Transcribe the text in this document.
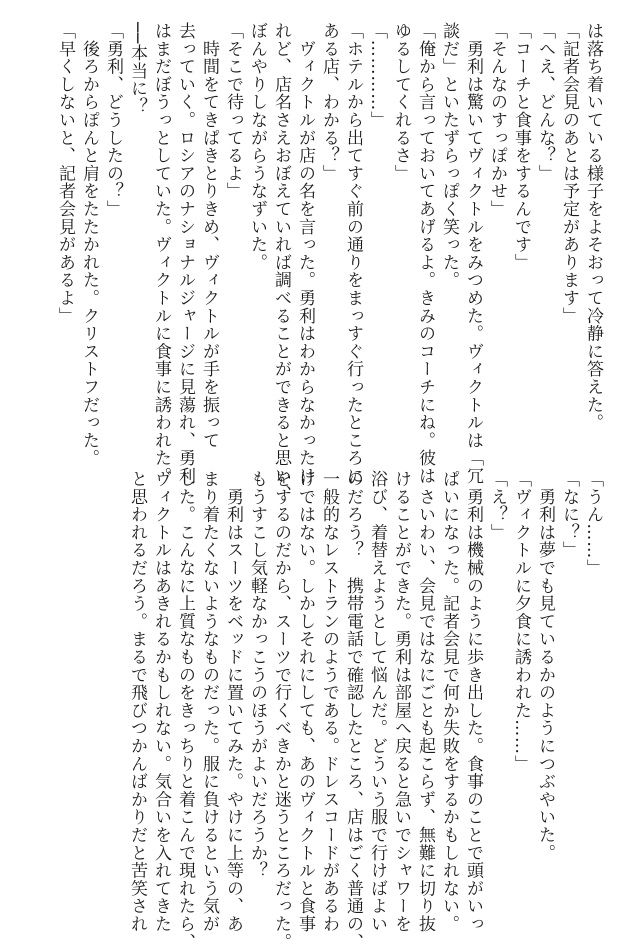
は落ち着いている様子をよそおって冷静に答えた。
「記者会見のあとは予定があります」
「へえ、どんな？」
「コーチと食事をするんです」
「そんなのすっぽかせ」
　勇利は驚いてヴィクトルをみつめた。ヴィクトルは「冗
談だ」といたずらっぽく笑った。
「俺から言っておいてあげるよ。きみのコーチにね。彼は
ゆるしてくれるさ」
「…………」
「ホテルから出てすぐ前の通りをまっすぐ行ったところに
ある店、わかる？」
　ヴィクトルが店の名を言った。勇利はわからなかったけ
れど、店名さえおぼえていれば調べることができると思い、
ぼんやりしながらうなずいた。
「そこで待ってるよ」
　時間をてきぱきとりきめ、ヴィクトルが手を振って
去っていく。ロシアのナショナルジャージに見蕩れ、勇利
はまだぼうっとしていた。ヴィクトルに食事に誘われた。
──本当に？
「勇利、どうしたの？」
　後ろからぽんと肩をたたかれた。クリストフだった。
「早くしないと、記者会見があるよ」
「うん……」
「なに？」
　勇利は夢でも見ているかのようにつぶやいた。
「ヴィクトルに夕食に誘われた……」
「え？」
　勇利は機械のように歩き出した。食事のことで頭がいっ
ぱいになった。記者会見で何か失敗をするかもしれない。
　さいわい、会見ではなにごとも起こらず、無難に切り抜
けることができた。勇利は部屋へ戻ると急いでシャワーを
浴び、着替えようとして悩んだ。どういう服で行けばよい
のだろう？　携帯電話で確認したところ、店はごく普通の、
一般的なレストランのようである。ドレスコードがあるわ
けではない。しかしそれにしても、あのヴィクトルと食事
をするのだから、スーツで行くべきかと迷うところだった。
もうすこし気軽なかっこうのほうがよいだろうか？
　勇利はスーツをベッドに置いてみた。やけに上等の、あ
まり着たくないようなものだった。服に負けるという気が
した。こんなに上質なものをきっちりと着こんで現れたら、
ヴィクトルはあきれるかもしれない。気合いを入れてきた
と思われるだろう。まるで飛びつかんばかりだと苦笑され
